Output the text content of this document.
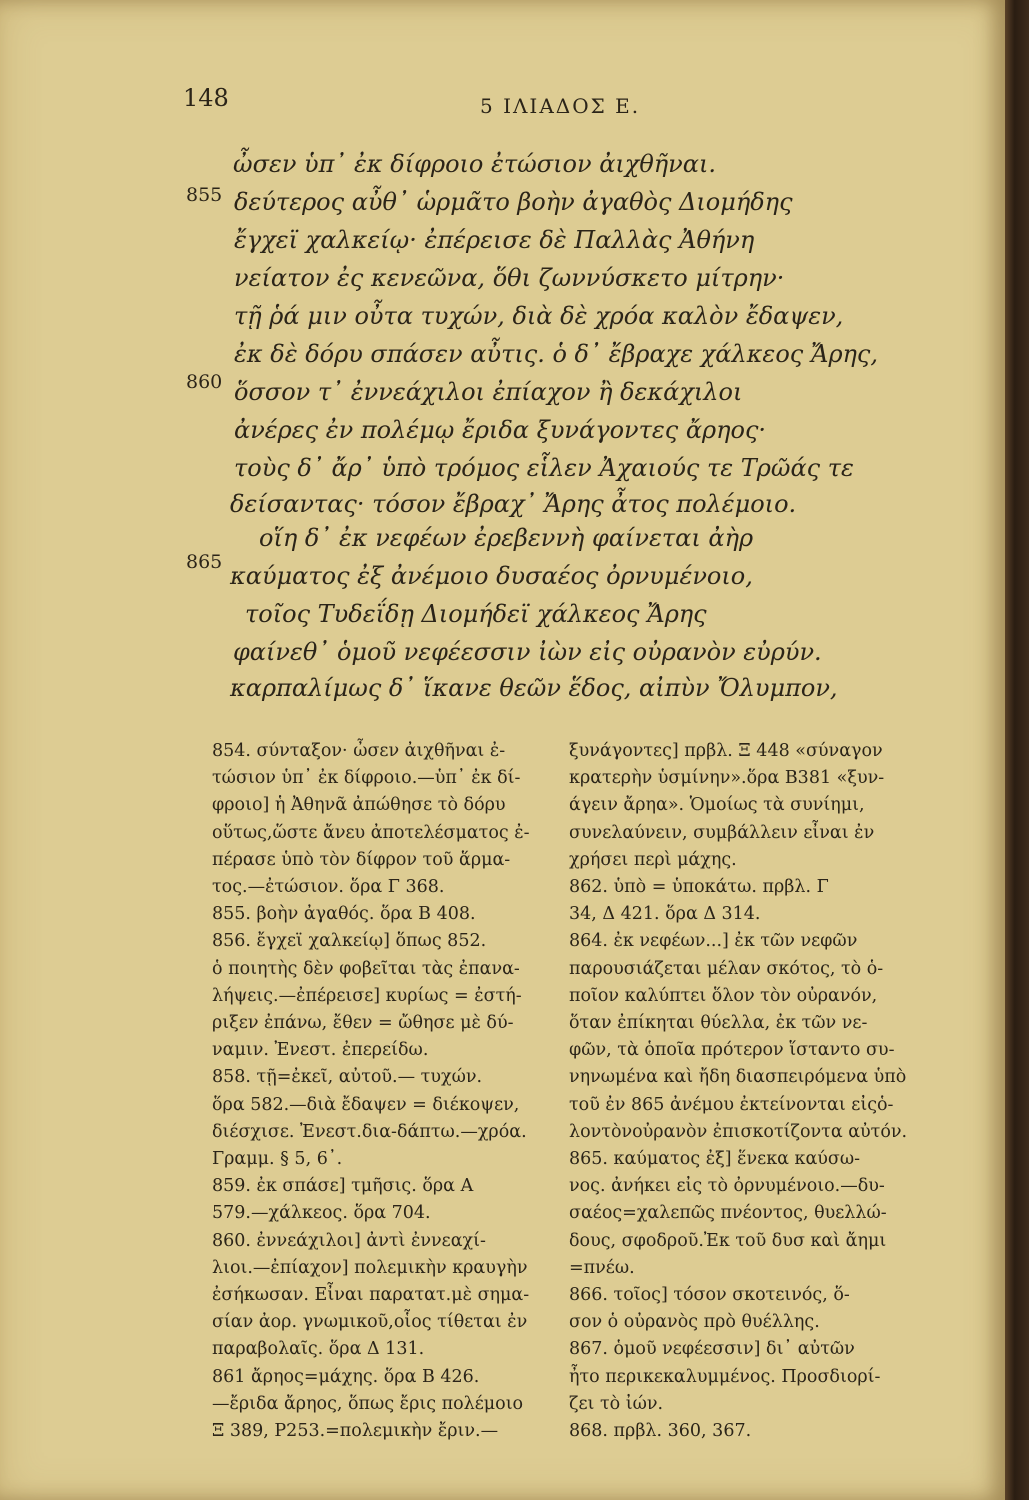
148	5 ΙΛΙΑΔΟΣ Ε.
855
860
865
ὦσεν ὑπ᾿ ἐκ δίφροιο ἐτώσιον ἀιχθῆναι.
δεύτερος αὖθ᾿ ὡρμᾶτο βοὴν ἀγαθὸς Διομήδης
ἔγχεϊ χαλκείῳ· ἐπέρεισε δὲ Παλλὰς Ἀθήνη
νείατον ἐς κενεῶνα, ὅθι ζωννύσκετο μίτρην·
τῇ ῥά μιν οὖτα τυχών, διὰ δὲ χρόα καλὸν ἔδαψεν,
ἐκ δὲ δόρυ σπάσεν αὖτις. ὁ δ᾿ ἔβραχε χάλκεος Ἄρης,
ὅσσον τ᾿ ἐννεάχιλοι ἐπίαχον ἢ δεκάχιλοι
ἀνέρες ἐν πολέμῳ ἔριδα ξυνάγοντες ἄρηος·
τοὺς δ᾿ ἄρ᾿ ὑπὸ τρόμος εἷλεν Ἀχαιούς τε Τρῶάς τε
δείσαντας· τόσον ἔβραχ᾿ Ἄρης ἆτος πολέμοιο.
οἵη δ᾿ ἐκ νεφέων ἐρεβεννὴ φαίνεται ἀὴρ
καύματος ἐξ ἀνέμοιο δυσαέος ὀρνυμένοιο,
τοῖος Τυδεΐδῃ Διομήδεϊ χάλκεος Ἄρης
φαίνεθ᾿ ὁμοῦ νεφέεσσιν ἰὼν εἰς οὐρανὸν εὐρύν.
καρπαλίμως δ᾿ ἵκανε θεῶν ἕδος, αἰπὺν Ὄλυμπον,
854. σύνταξον· ὦσεν ἀιχθῆναι ἐ-
τώσιον ὑπ᾿ ἐκ δίφροιο.—ὑπ᾿ ἐκ δί-
φροιο] ἡ Ἀθηνᾶ ἀπώθησε τὸ δόρυ
οὕτως,ὥστε ἄνευ ἀποτελέσματος ἐ-
πέρασε ὑπὸ τὸν δίφρον τοῦ ἅρμα-
τος.—ἐτώσιον. ὅρα Γ 368.
855. βοὴν ἀγαθός. ὅρα Β 408.
856. ἔγχεϊ χαλκείῳ] ὅπως 852.
ὁ ποιητὴς δὲν φοβεῖται τὰς ἐπανα-
λήψεις.—ἐπέρεισε] κυρίως = ἐστή-
ριξεν ἐπάνω, ἔθεν = ὤθησε μὲ δύ-
ναμιν. Ἐνεστ. ἐπερείδω.
858. τῇ=ἐκεῖ, αὐτοῦ.— τυχών.
ὅρα 582.—διὰ ἔδαψεν = διέκοψεν,
διέσχισε. Ἐνεστ.δια-δάπτω.—χρόα.
Γραμμ. § 5, 6᾿.
859. ἐκ σπάσε] τμῆσις. ὅρα Α
579.—χάλκεος. ὅρα 704.
860. ἐννεάχιλοι] ἀντὶ ἐννεαχί-
λιοι.—ἐπίαχον] πολεμικὴν κραυγὴν
ἐσήκωσαν. Εἶναι παρατατ.μὲ σημα-
σίαν ἀορ. γνωμικοῦ,οἷος τίθεται ἐν
παραβολαῖς. ὅρα Δ 131.
861 ἄρηος=μάχης. ὅρα Β 426.
—ἔριδα ἄρηος, ὅπως ἔρις πολέμοιο
Ξ 389, Ρ253.=πολεμικὴν ἔριν.—
ξυνάγοντες] πρβλ. Ξ 448 «σύναγον
κρατερὴν ὑσμίνην».ὅρα Β381 «ξυν-
άγειν ἄρηα». Ὁμοίως τὰ συνίημι,
συνελαύνειν, συμβάλλειν εἶναι ἐν
χρήσει περὶ μάχης.
862. ὑπὸ = ὑποκάτω. πρβλ. Γ
34, Δ 421. ὅρα Δ 314.
864. ἐκ νεφέων...] ἐκ τῶν νεφῶν
παρουσιάζεται μέλαν σκότος, τὸ ὁ-
ποῖον καλύπτει ὅλον τὸν οὐρανόν,
ὅταν ἐπίκηται θύελλα, ἐκ τῶν νε-
φῶν, τὰ ὁποῖα πρότερον ἵσταντο συ-
νηνωμένα καὶ ἤδη διασπειρόμενα ὑπὸ
τοῦ ἐν 865 ἀνέμου ἐκτείνονται εἰςὁ-
λοντὸνοὐρανὸν ἐπισκοτίζοντα αὐτόν.
865. καύματος ἐξ] ἕνεκα καύσω-
νος. ἀνήκει εἰς τὸ ὀρνυμένοιο.—δυ-
σαέος=χαλεπῶς πνέοντος, θυελλώ-
δους, σφοδροῦ.Ἐκ τοῦ δυσ καὶ ἄημι
=πνέω.
866. τοῖος] τόσον σκοτεινός, ὅ-
σον ὁ οὐρανὸς πρὸ θυέλλης.
867. ὁμοῦ νεφέεσσιν] δι᾿ αὐτῶν
ἦτο περικεκαλυμμένος. Προσδιορί-
ζει τὸ ἰών.
868. πρβλ. 360, 367.
